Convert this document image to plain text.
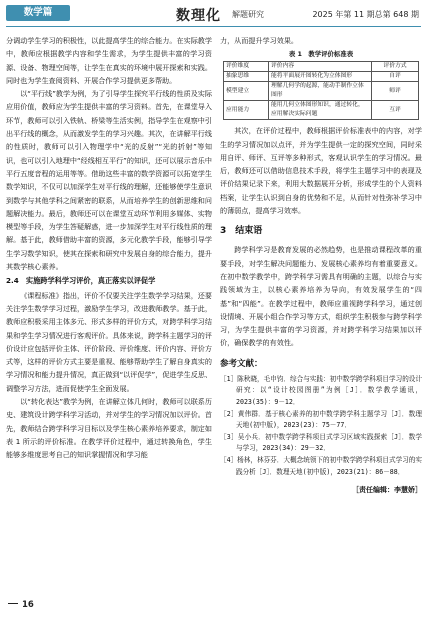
数学篇	数理化 解题研究	2025 年第 11 期总第 648 期

分调动学生学习的积极性，以此提高学生的综合能力。在实际教学中，教师应根据教学内容和学生需求，为学生提供丰富的学习资源、设备、物理空间等，让学生在真实的环境中展开探索和实践。同时也为学生查阅资料、开展合作学习提供更多帮助。

以“平行线”教学为例，为了引导学生探究平行线的性质及实际应用价值，教师应为学生提供丰富的学习资料。首先，在课堂导入环节，教师可以引入铁轨、桥梁等生活实例，指导学生在观察中引出平行线的概念，从而激发学生的学习兴趣。其次，在讲解平行线的性质时，教师可以引入物理学中“光的反射”“光的折射”等知识，也可以引入地理中“经线相互平行”的知识，还可以展示音乐中平行五度音程的运用等等。借助这些丰富的数学资源可以拓宽学生数学知识，不仅可以加深学生对平行线的理解，还能够使学生意识到数学与其他学科之间紧密的联系，从而培养学生的创新思维和问题解决能力。最后，教师还可以在课堂互动环节利用多媒体、实物模型等手段，为学生答疑解惑，进一步加深学生对平行线性质的理解。基于此，教师借助丰富的资源，多元化教学手段，能够引导学生学习数学知识，使其在探索和研究中发展自身的综合能力，提升其数学核心素养。

2.4　实施跨学科学习评价，真正落实以评促学

《课程标准》指出，评价不仅要关注学生数学学习结果，还要关注学生数学学习过程，激励学生学习，改进教师教学。基于此，教师应积极采用主体多元、形式多样的评价方式，对跨学科学习结果和学生学习情况进行客观评价。具体来说，跨学科主题学习的评价设计应包括评价主体、评价阶段、评价维度、评价内容、评价方式等，这样的评价方式主要是重视、能够帮助学生了解自身真实的学习情况和能力提升情况，真正做到“以评促学”，促进学生反思、调整学习方法，进而促使学生全面发展。

以“转化表达”教学为例，在讲解立体几何时，教师可以联系历史、建筑设计跨学科学习活动，并对学生的学习情况加以评价。首先，教师结合跨学科学习目标以及学生核心素养培养要求，制定如表 1 所示的评价标准。在教学评价过程中，通过转换角色，学生能够多维度思考自己的知识掌握情况和学习能

力，从而提升学习效果。

表 1　教学评价标准表
评价维度	评价内容	评价方式
抽象思维	能将平面展开图转化为立体图形	自评
模型建立	理解几何学的起源，能动手制作立体图形	师评
应用能力	能用几何立体图形知识，通过转化，应用解决实际问题	互评

其次，在评价过程中，教师根据评价标准表中的内容，对学生的学习情况加以点评，并为学生提供一定的探究空间，同时采用自评、师评、互评等多种形式，客观认识学生的学习情况。最后，教师还可以借助信息技术手段，将学生主题学习中的表现及评价结果记录下来，利用大数据展开分析，形成学生的个人资料档案，让学生认识到自身的优势和不足，从而针对性弥补学习中的薄弱点，提高学习效率。

3　结束语

跨学科学习是教育发展的必然趋势，也是推动课程改革的重要手段，对学生解决问题能力、发展核心素养均有着重要意义。在初中数学教学中，跨学科学习需具有明确的主题，以综合与实践领域为主，以核心素养培养为导向，有效发展学生的“四基”和“四能”。在教学过程中，教师应重视跨学科学习，通过创设情境、开展小组合作学习等方式，组织学生积极参与跨学科学习，为学生提供丰富的学习资源，并对跨学科学习结果加以评价，确保教学的有效性。

参考文献：
［1］陈秋晓，毛申钧．综合与实践：初中数学跨学科项目学习的设计研究：以“设计校园图册”为例［J］．数学教学通讯，2023(35)：9－12．
［2］黄伟群．基于核心素养的初中数学跨学科主题学习［J］．数理天地(初中版)，2023(23)：75－77．
［3］吴小兵．初中数学跨学科项目式学习区域实践探索［J］．数学与学习，2023(34)：29－32．
［4］杨林，林芬芬．大概念统领下的初中数学跨学科项目式学习的实践分析［J］．数理天地(初中版)，2023(21)：86－88．
［责任编辑：李慧娇］
16
